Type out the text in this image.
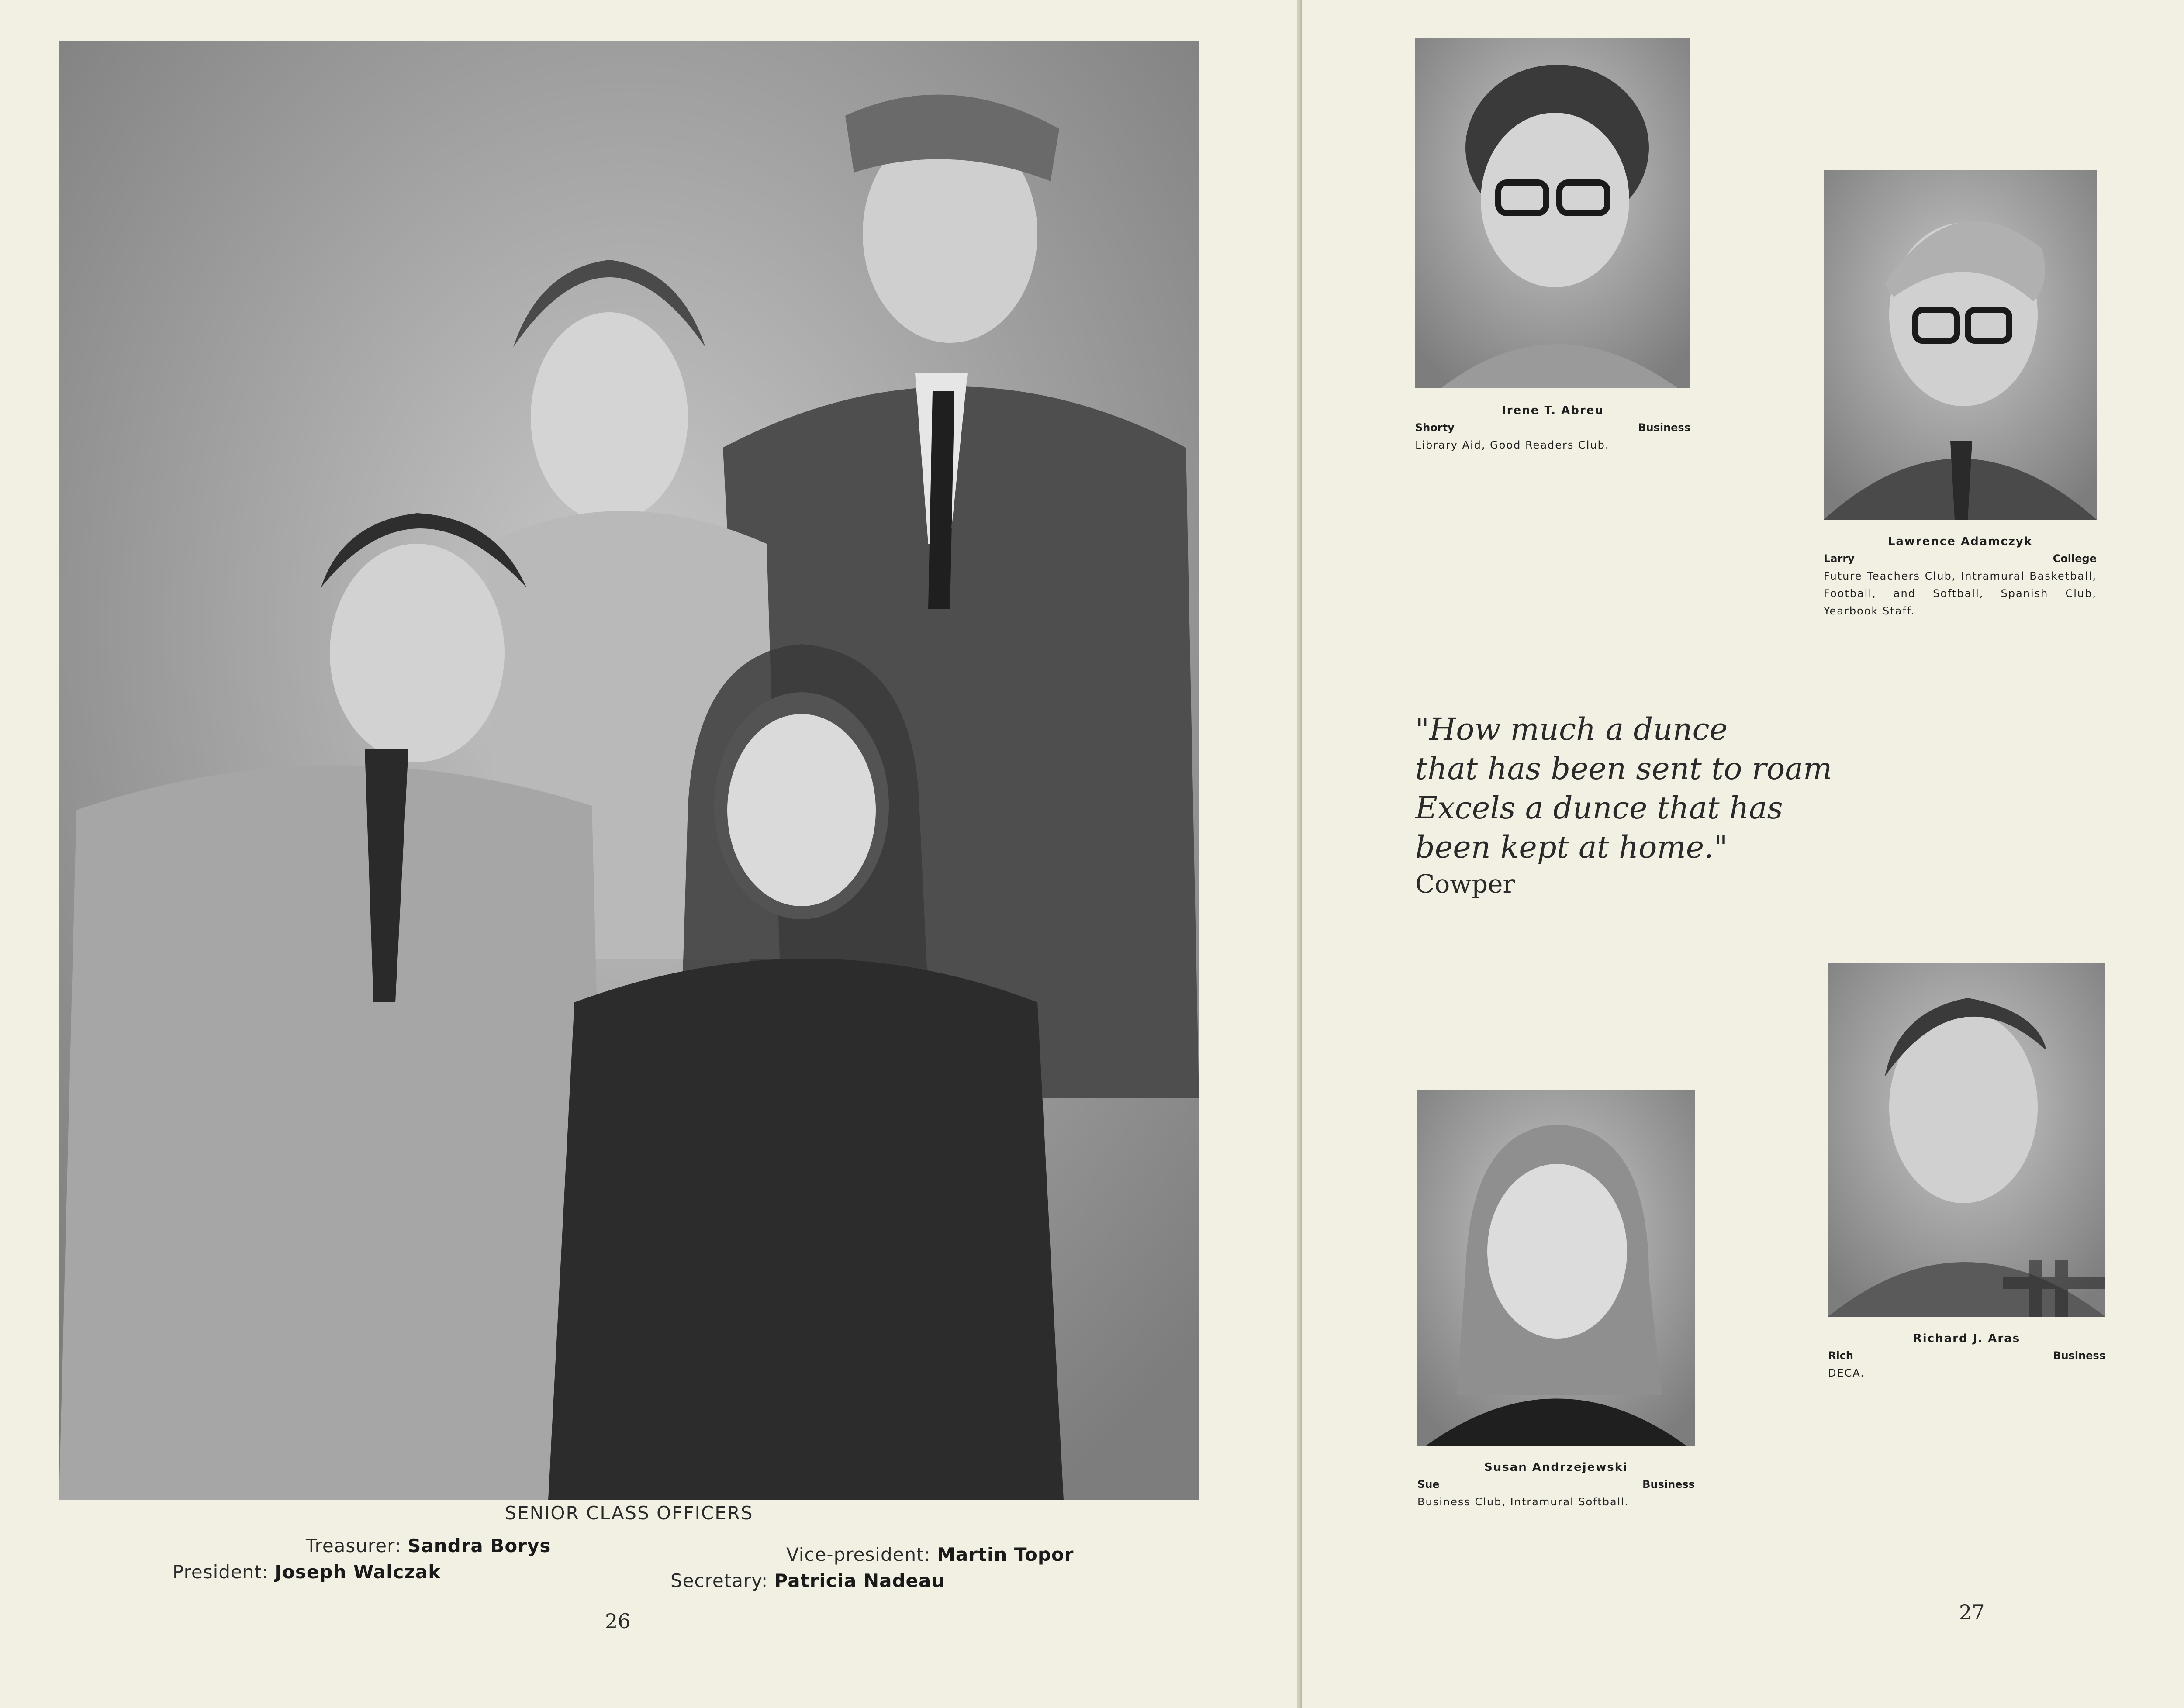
SENIOR CLASS OFFICERS
Treasurer: Sandra Borys
President: Joseph Walczak
Vice-president: Martin Topor
Secretary: Patricia Nadeau
26
Irene T. Abreu
Shorty	Business
Library Aid, Good Readers Club.
Lawrence Adamczyk
Larry	College
Future Teachers Club, Intramural Basketball, Football, and Softball, Spanish Club, Yearbook Staff.
"How much a dunce
that has been sent to roam
Excels a dunce that has
been kept at home."
Cowper
Richard J. Aras
Rich	Business
DECA.
Susan Andrzejewski
Sue	Business
Business Club, Intramural Softball.
27
